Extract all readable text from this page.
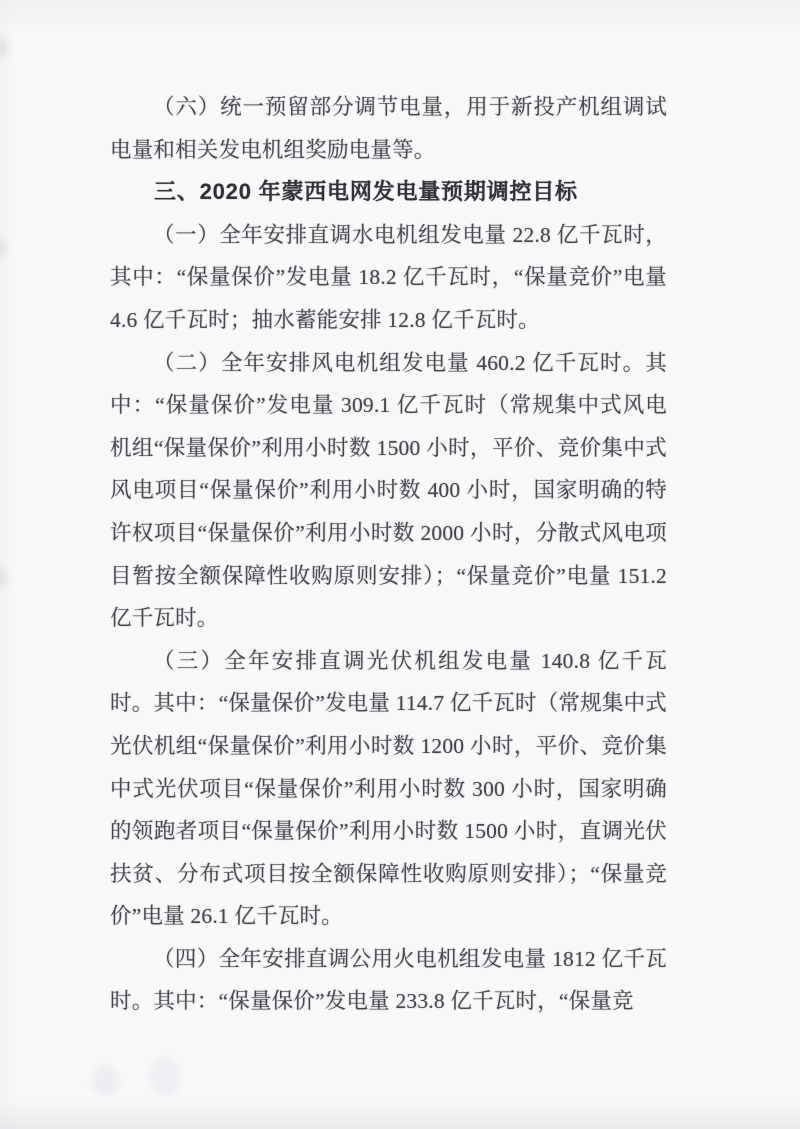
（六）统一预留部分调节电量，用于新投产机组调试电量和相关发电机组奖励电量等。

三、2020 年蒙西电网发电量预期调控目标

（一）全年安排直调水电机组发电量 22.8 亿千瓦时，其中：“保量保价”发电量 18.2 亿千瓦时，“保量竞价”电量 4.6 亿千瓦时；抽水蓄能安排 12.8 亿千瓦时。

（二）全年安排风电机组发电量 460.2 亿千瓦时。其中：“保量保价”发电量 309.1 亿千瓦时（常规集中式风电机组“保量保价”利用小时数 1500 小时，平价、竞价集中式风电项目“保量保价”利用小时数 400 小时，国家明确的特许权项目“保量保价”利用小时数 2000 小时，分散式风电项目暂按全额保障性收购原则安排）；“保量竞价”电量 151.2 亿千瓦时。

（三）全年安排直调光伏机组发电量 140.8 亿千瓦时。其中：“保量保价”发电量 114.7 亿千瓦时（常规集中式光伏机组“保量保价”利用小时数 1200 小时，平价、竞价集中式光伏项目“保量保价”利用小时数 300 小时，国家明确的领跑者项目“保量保价”利用小时数 1500 小时，直调光伏扶贫、分布式项目按全额保障性收购原则安排）；“保量竞价”电量 26.1 亿千瓦时。

（四）全年安排直调公用火电机组发电量 1812 亿千瓦时。其中：“保量保价”发电量 233.8 亿千瓦时，“保量竞
